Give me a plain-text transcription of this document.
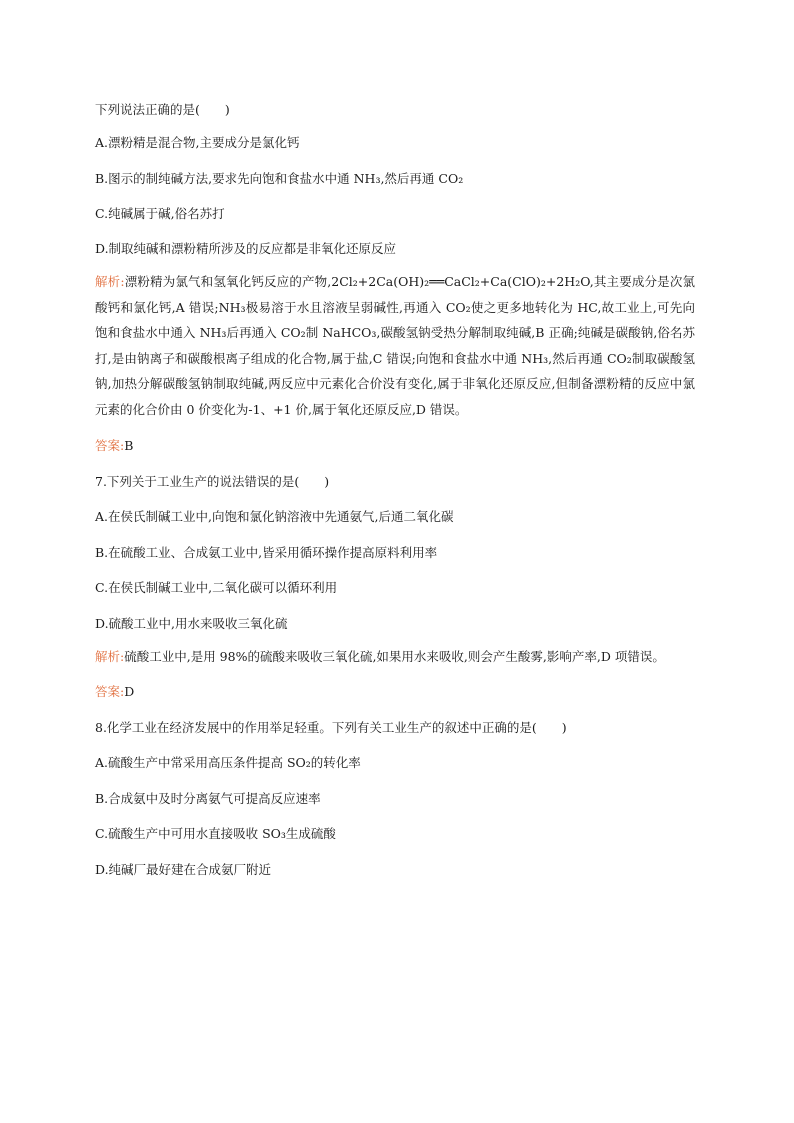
下列说法正确的是(　　)

A.漂粉精是混合物,主要成分是氯化钙

B.图示的制纯碱方法,要求先向饱和食盐水中通 NH₃,然后再通 CO₂

C.纯碱属于碱,俗名苏打

D.制取纯碱和漂粉精所涉及的反应都是非氧化还原反应

解析:漂粉精为氯气和氢氧化钙反应的产物,2Cl₂+2Ca(OH)₂══CaCl₂+Ca(ClO)₂+2H₂O,其主要成分是次氯酸钙和氯化钙,A 错误;NH₃极易溶于水且溶液呈弱碱性,再通入 CO₂使之更多地转化为 HC,故工业上,可先向饱和食盐水中通入 NH₃后再通入 CO₂制 NaHCO₃,碳酸氢钠受热分解制取纯碱,B 正确;纯碱是碳酸钠,俗名苏打,是由钠离子和碳酸根离子组成的化合物,属于盐,C 错误;向饱和食盐水中通 NH₃,然后再通 CO₂制取碳酸氢钠,加热分解碳酸氢钠制取纯碱,两反应中元素化合价没有变化,属于非氧化还原反应,但制备漂粉精的反应中氯元素的化合价由 0 价变化为-1、+1 价,属于氧化还原反应,D 错误。

答案:B

7.下列关于工业生产的说法错误的是(　　)

A.在侯氏制碱工业中,向饱和氯化钠溶液中先通氨气,后通二氧化碳

B.在硫酸工业、合成氨工业中,皆采用循环操作提高原料利用率

C.在侯氏制碱工业中,二氧化碳可以循环利用

D.硫酸工业中,用水来吸收三氧化硫

解析:硫酸工业中,是用 98%的硫酸来吸收三氧化硫,如果用水来吸收,则会产生酸雾,影响产率,D 项错误。

答案:D

8.化学工业在经济发展中的作用举足轻重。下列有关工业生产的叙述中正确的是(　　)

A.硫酸生产中常采用高压条件提高 SO₂的转化率

B.合成氨中及时分离氨气可提高反应速率

C.硫酸生产中可用水直接吸收 SO₃生成硫酸

D.纯碱厂最好建在合成氨厂附近
